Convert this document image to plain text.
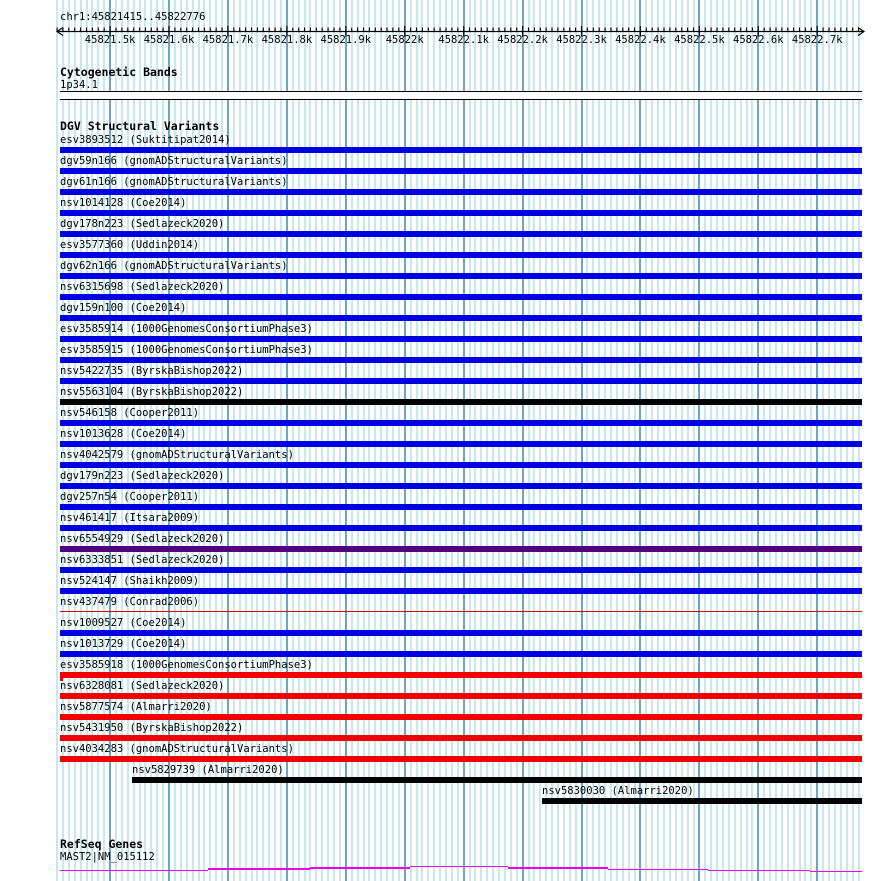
chr1:45821415..45822776
45821.5k 45821.6k 45821.7k 45821.8k 45821.9k 45822k 45822.1k 45822.2k 45822.3k 45822.4k 45822.5k 45822.6k 45822.7k
Cytogenetic Bands
1p34.1
DGV Structural Variants
esv3893512 (Suktitipat2014)
dgv59n166 (gnomADStructuralVariants)
dgv61n166 (gnomADStructuralVariants)
nsv1014128 (Coe2014)
dgv178n223 (Sedlazeck2020)
esv3577360 (Uddin2014)
dgv62n166 (gnomADStructuralVariants)
nsv6315698 (Sedlazeck2020)
dgv159n100 (Coe2014)
esv3585914 (1000GenomesConsortiumPhase3)
esv3585915 (1000GenomesConsortiumPhase3)
nsv5422735 (ByrskaBishop2022)
nsv5563104 (ByrskaBishop2022)
nsv546158 (Cooper2011)
nsv1013628 (Coe2014)
nsv4042579 (gnomADStructuralVariants)
dgv179n223 (Sedlazeck2020)
dgv257n54 (Cooper2011)
nsv461417 (Itsara2009)
nsv6554929 (Sedlazeck2020)
nsv6333851 (Sedlazeck2020)
nsv524147 (Shaikh2009)
nsv437479 (Conrad2006)
nsv1009527 (Coe2014)
nsv1013729 (Coe2014)
esv3585918 (1000GenomesConsortiumPhase3)
nsv6328081 (Sedlazeck2020)
nsv5877574 (Almarri2020)
nsv5431950 (ByrskaBishop2022)
nsv4034283 (gnomADStructuralVariants)
nsv5829739 (Almarri2020)
nsv5830030 (Almarri2020)
RefSeq Genes
MAST2|NM_015112
